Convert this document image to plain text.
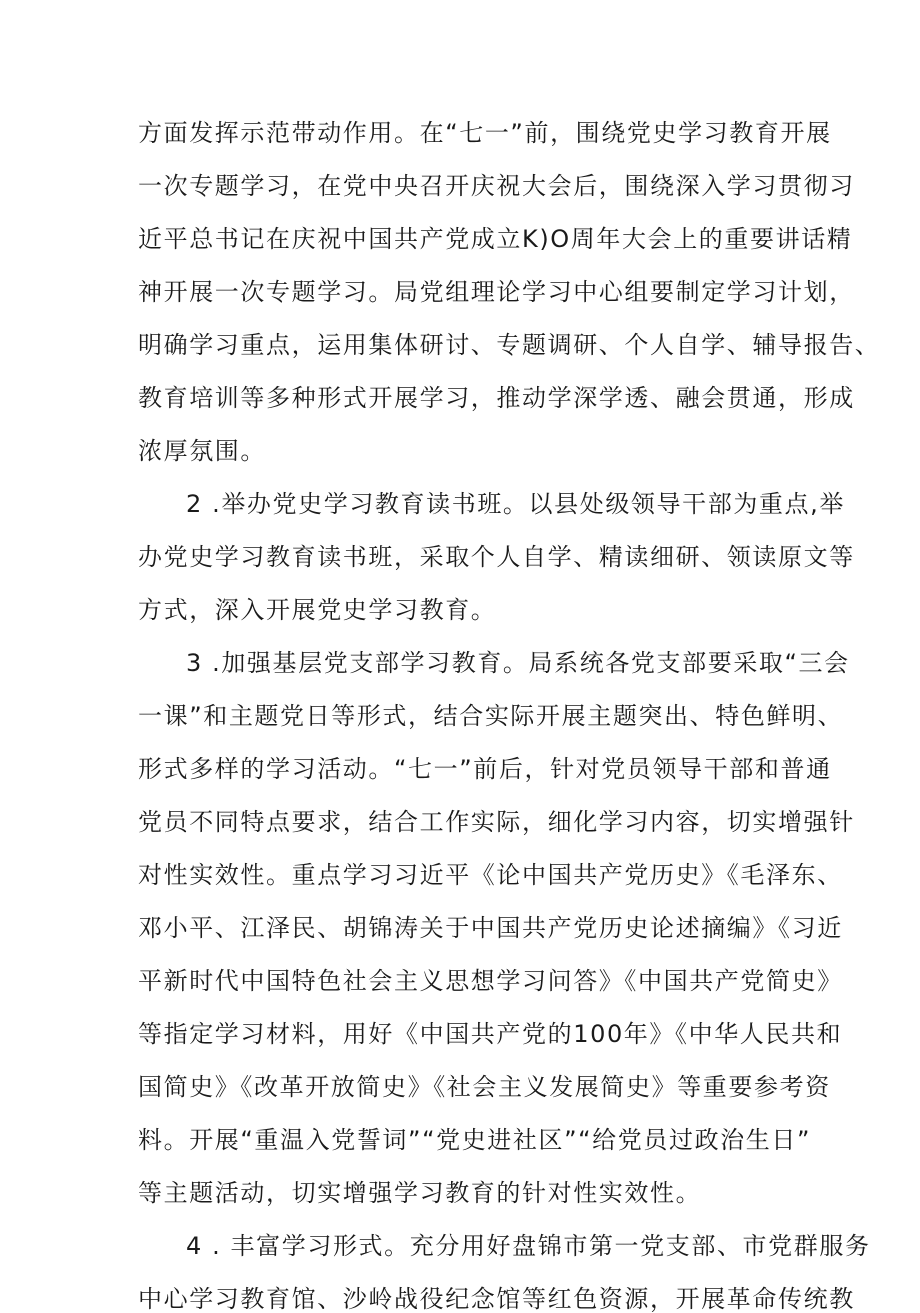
方面发挥示范带动作用。在“七一”前，围绕党史学习教育开展
一次专题学习，在党中央召开庆祝大会后，围绕深入学习贯彻习
近平总书记在庆祝中国共产党成立K)O周年大会上的重要讲话精
神开展一次专题学习。局党组理论学习中心组要制定学习计划，
明确学习重点，运用集体研讨、专题调研、个人自学、辅导报告、
教育培训等多种形式开展学习，推动学深学透、融会贯通，形成
浓厚氛围。
2 .举办党史学习教育读书班。以县处级领导干部为重点,举
办党史学习教育读书班，采取个人自学、精读细研、领读原文等
方式，深入开展党史学习教育。
3 .加强基层党支部学习教育。局系统各党支部要采取“三会
一课”和主题党日等形式，结合实际开展主题突出、特色鲜明、
形式多样的学习活动。“七一”前后，针对党员领导干部和普通
党员不同特点要求，结合工作实际，细化学习内容，切实增强针
对性实效性。重点学习习近平《论中国共产党历史》《毛泽东、
邓小平、江泽民、胡锦涛关于中国共产党历史论述摘编》《习近
平新时代中国特色社会主义思想学习问答》《中国共产党简史》
等指定学习材料，用好《中国共产党的100年》《中华人民共和
国简史》《改革开放简史》《社会主义发展简史》等重要参考资
料。开展“重温入党誓词”“党史进社区”“给党员过政治生日”
等主题活动，切实增强学习教育的针对性实效性。
4 . 丰富学习形式。充分用好盘锦市第一党支部、市党群服务
中心学习教育馆、沙岭战役纪念馆等红色资源，开展革命传统教
